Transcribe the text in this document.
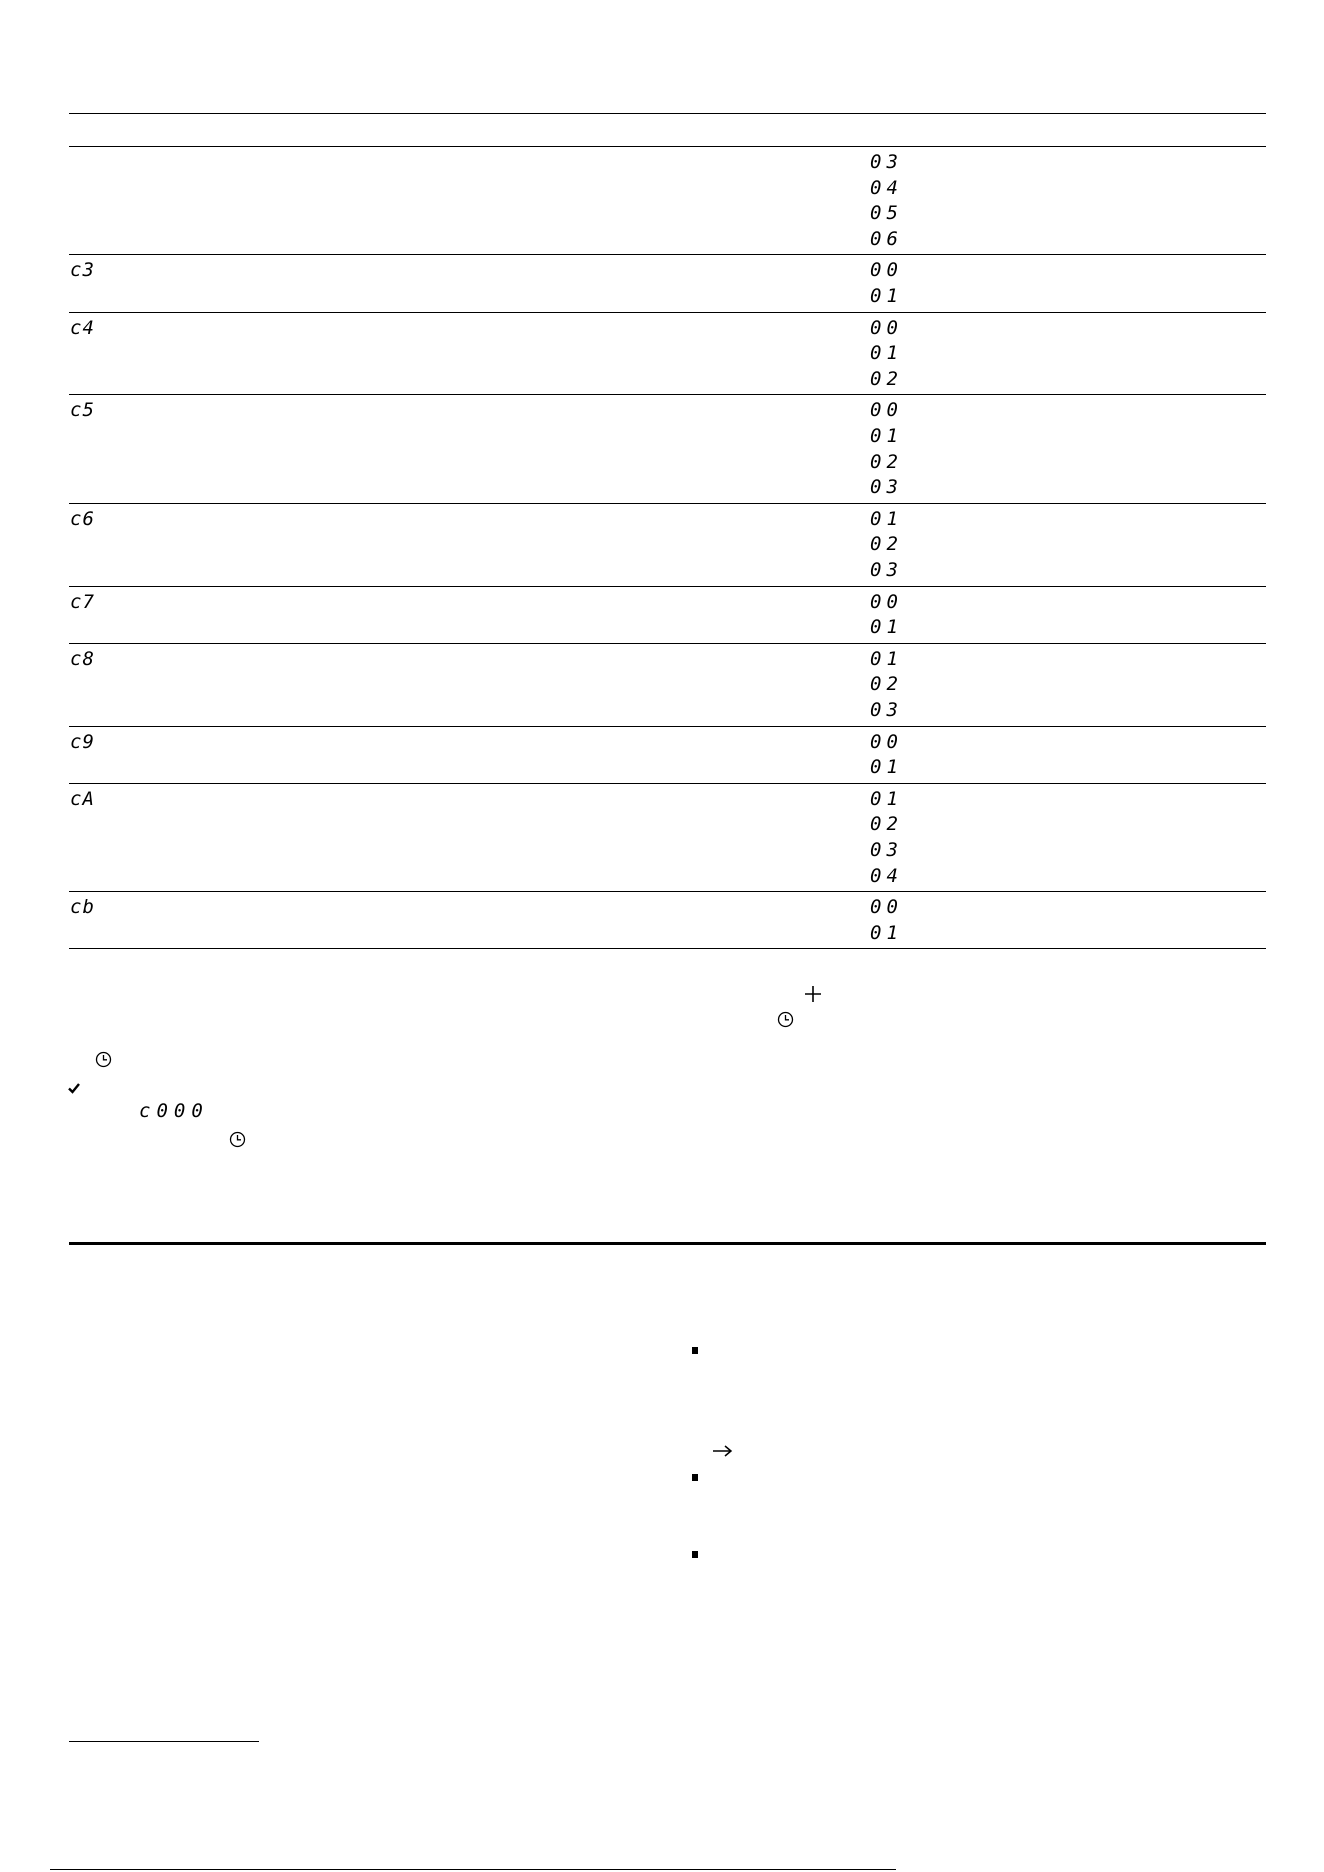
03
04
05
06
c3	00
01
c4	00
01
02
c5	00
01
02
03
c6	01
02
03
c7	00
01
c8	01
02
03
c9	00
01
cA	01
02
03
04
cb	00
01
c000
